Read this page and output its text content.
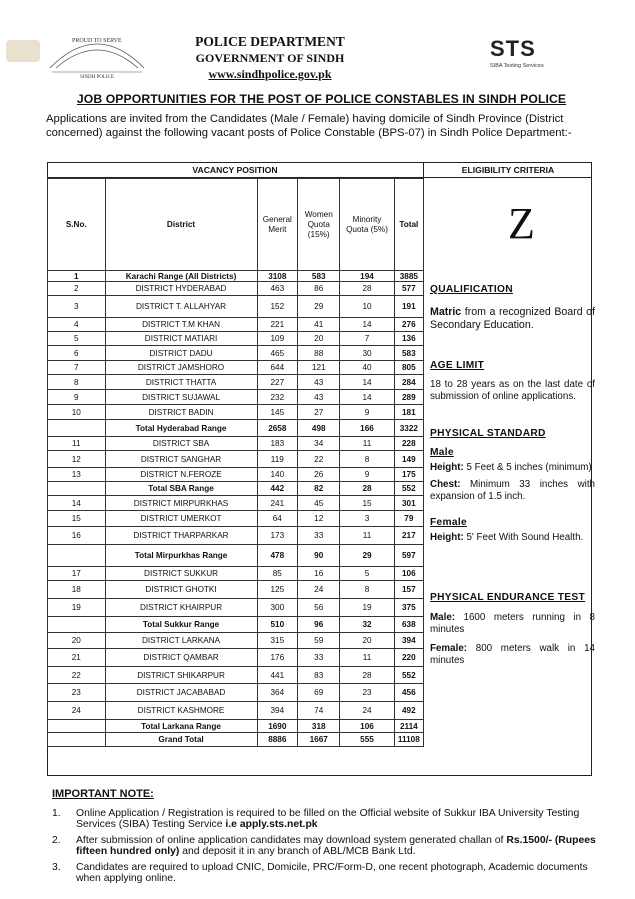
PROUD TO SERVE
SINDH POLICE
POLICE DEPARTMENT
GOVERNMENT OF SINDH
www.sindhpolice.gov.pk
STS
SIBA Testing Services
JOB OPPORTUNITIES FOR THE POST OF POLICE CONSTABLES IN SINDH POLICE
Applications are invited from the Candidates (Male / Female) having domicile of Sindh Province (District concerned) against the following vacant posts of Police Constable (BPS-07) in Sindh Police Department:-
VACANCY POSITION	ELIGIBILITY CRITERIA
S.No.	District	General Merit	Women Quota (15%)	Minority Quota (5%)	Total
1	Karachi Range (All Districts)	3108	583	194	3885
2	DISTRICT HYDERABAD	463	86	28	577
3	DISTRICT T. ALLAHYAR	152	29	10	191
4	DISTRICT T.M KHAN	221	41	14	276
5	DISTRICT MATIARI	109	20	7	136
6	DISTRICT DADU	465	88	30	583
7	DISTRICT JAMSHORO	644	121	40	805
8	DISTRICT THATTA	227	43	14	284
9	DISTRICT SUJAWAL	232	43	14	289
10	DISTRICT BADIN	145	27	9	181
	Total Hyderabad Range	2658	498	166	3322
11	DISTRICT SBA	183	34	11	228
12	DISTRICT SANGHAR	119	22	8	149
13	DISTRICT N.FEROZE	140	26	9	175
	Total SBA Range	442	82	28	552
14	DISTRICT MIRPURKHAS	241	45	15	301
15	DISTRICT UMERKOT	64	12	3	79
16	DISTRICT THARPARKAR	173	33	11	217
	Total Mirpurkhas Range	478	90	29	597
17	DISTRICT SUKKUR	85	16	5	106
18	DISTRICT GHOTKI	125	24	8	157
19	DISTRICT KHAIRPUR	300	56	19	375
	Total Sukkur Range	510	96	32	638
20	DISTRICT LARKANA	315	59	20	394
21	DISTRICT QAMBAR	176	33	11	220
22	DISTRICT SHIKARPUR	441	83	28	552
23	DISTRICT JACABABAD	364	69	23	456
24	DISTRICT KASHMORE	394	74	24	492
	Total Larkana Range	1690	318	106	2114
	Grand Total	8886	1667	555	11108
Z
QUALIFICATION
Matric from a recognized Board of Secondary Education.
AGE LIMIT
18 to 28 years as on the last date of submission of online applications.
PHYSICAL STANDARD
Male
Height: 5 Feet & 5 inches (minimum)
Chest: Minimum 33 inches with expansion of 1.5 inch.
Female
Height: 5' Feet With Sound Health.
PHYSICAL ENDURANCE TEST
Male: 1600 meters running in 8 minutes
Female: 800 meters walk in 14 minutes
IMPORTANT NOTE:
1.	Online Application / Registration is required to be filled on the Official website of Sukkur IBA University Testing Services (SIBA) Testing Service i.e apply.sts.net.pk
2.	After submission of online application candidates may download system generated challan of Rs.1500/- (Rupees fifteen hundred only) and deposit it in any branch of ABL/MCB Bank Ltd.
3.	Candidates are required to upload CNIC, Domicile, PRC/Form-D, one recent photograph, Academic documents when applying online.
